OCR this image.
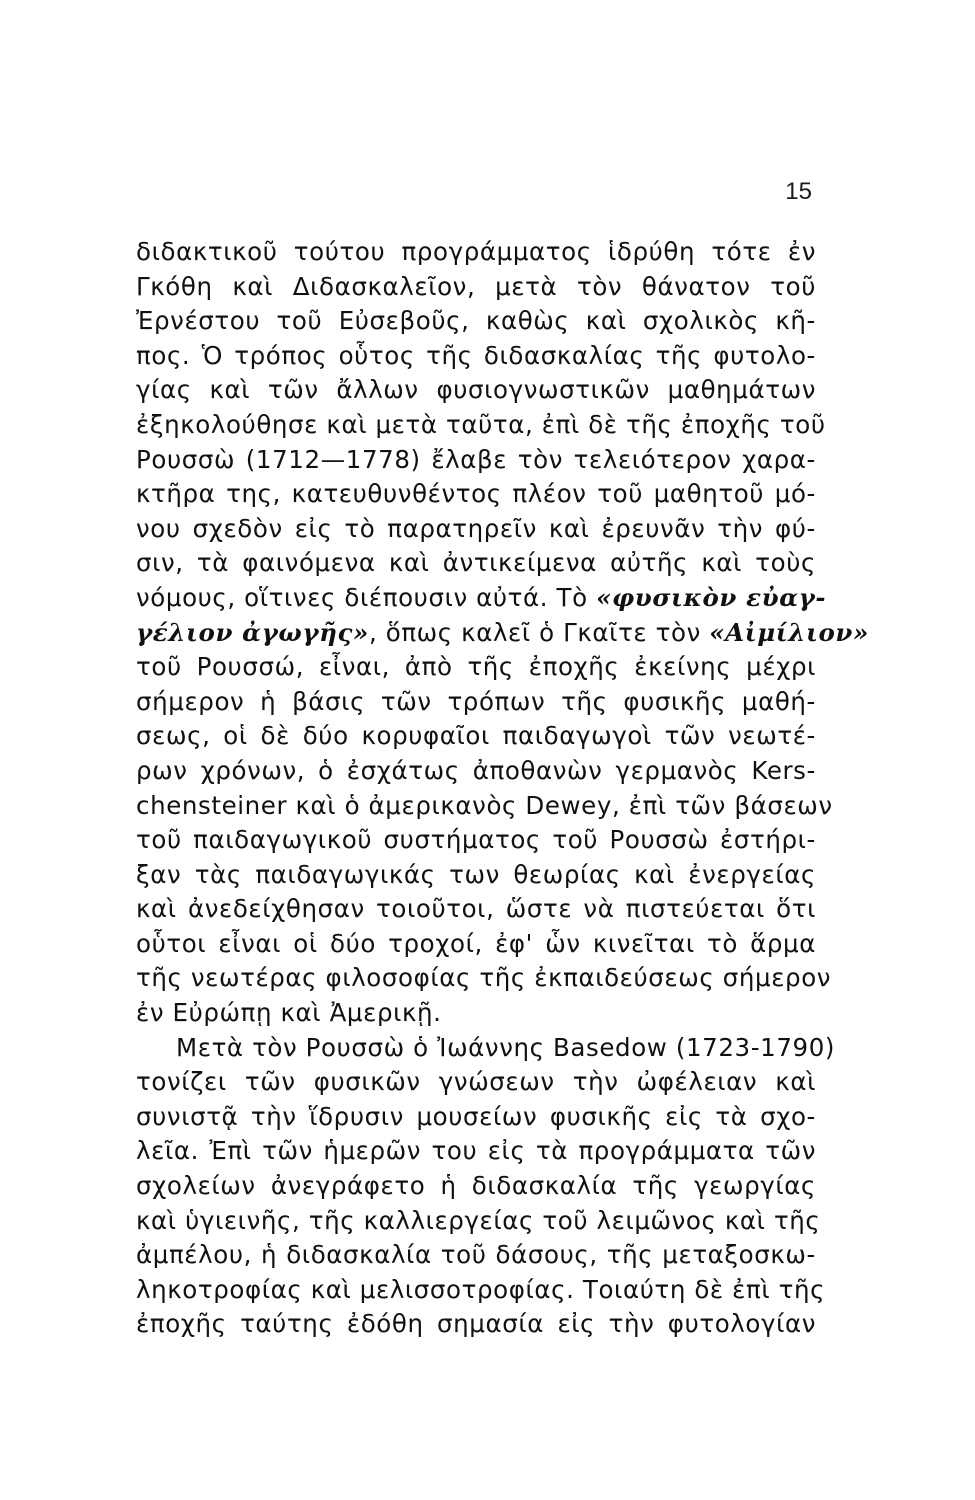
15
διδακτικοῦ τούτου προγράμματος ἱδρύθη τότε ἐν
Γκόθη καὶ Διδασκαλεῖον, μετὰ τὸν θάνατον τοῦ
Ἐρνέστου τοῦ Εὐσεβοῦς, καθὼς καὶ σχολικὸς κῆ-
πος. Ὁ τρόπος οὗτος τῆς διδασκαλίας τῆς φυτολο-
γίας καὶ τῶν ἄλλων φυσιογνωστικῶν μαθημάτων
ἐξηκολούθησε καὶ μετὰ ταῦτα, ἐπὶ δὲ τῆς ἐποχῆς τοῦ
Ρουσσὼ (1712—1778) ἔλαβε τὸν τελειότερον χαρα-
κτῆρα της, κατευθυνθέντος πλέον τοῦ μαθητοῦ μό-
νου σχεδὸν εἰς τὸ παρατηρεῖν καὶ ἐρευνᾶν τὴν φύ-
σιν, τὰ φαινόμενα καὶ ἀντικείμενα αὐτῆς καὶ τοὺς
νόμους, οἵτινες διέπουσιν αὐτά. Τὸ «φυσικὸν εὐαγ-
γέλιον ἀγωγῆς», ὅπως καλεῖ ὁ Γκαῖτε τὸν «Αἰμίλιον»
τοῦ Ρουσσώ, εἶναι, ἀπὸ τῆς ἐποχῆς ἐκείνης μέχρι
σήμερον ἡ βάσις τῶν τρόπων τῆς φυσικῆς μαθή-
σεως, οἱ δὲ δύο κορυφαῖοι παιδαγωγοὶ τῶν νεωτέ-
ρων χρόνων, ὁ ἐσχάτως ἀποθανὼν γερμανὸς Kers-
chensteiner καὶ ὁ ἀμερικανὸς Dewey, ἐπὶ τῶν βάσεων
τοῦ παιδαγωγικοῦ συστήματος τοῦ Ρουσσὼ ἐστήρι-
ξαν τὰς παιδαγωγικάς των θεωρίας καὶ ἐνεργείας
καὶ ἀνεδείχθησαν τοιοῦτοι, ὥστε νὰ πιστεύεται ὅτι
οὗτοι εἶναι οἱ δύο τροχοί, ἐφ' ὧν κινεῖται τὸ ἅρμα
τῆς νεωτέρας φιλοσοφίας τῆς ἐκπαιδεύσεως σήμερον
ἐν Εὐρώπῃ καὶ Ἀμερικῇ.
Μετὰ τὸν Ρουσσὼ ὁ Ἰωάννης Basedow (1723-1790)
τονίζει τῶν φυσικῶν γνώσεων τὴν ὠφέλειαν καὶ
συνιστᾷ τὴν ἵδρυσιν μουσείων φυσικῆς εἰς τὰ σχο-
λεῖα. Ἐπὶ τῶν ἡμερῶν του εἰς τὰ προγράμματα τῶν
σχολείων ἀνεγράφετο ἡ διδασκαλία τῆς γεωργίας
καὶ ὑγιεινῆς, τῆς καλλιεργείας τοῦ λειμῶνος καὶ τῆς
ἀμπέλου, ἡ διδασκαλία τοῦ δάσους, τῆς μεταξοσκω-
ληκοτροφίας καὶ μελισσοτροφίας. Τοιαύτη δὲ ἐπὶ τῆς
ἐποχῆς ταύτης ἐδόθη σημασία εἰς τὴν φυτολογίαν
